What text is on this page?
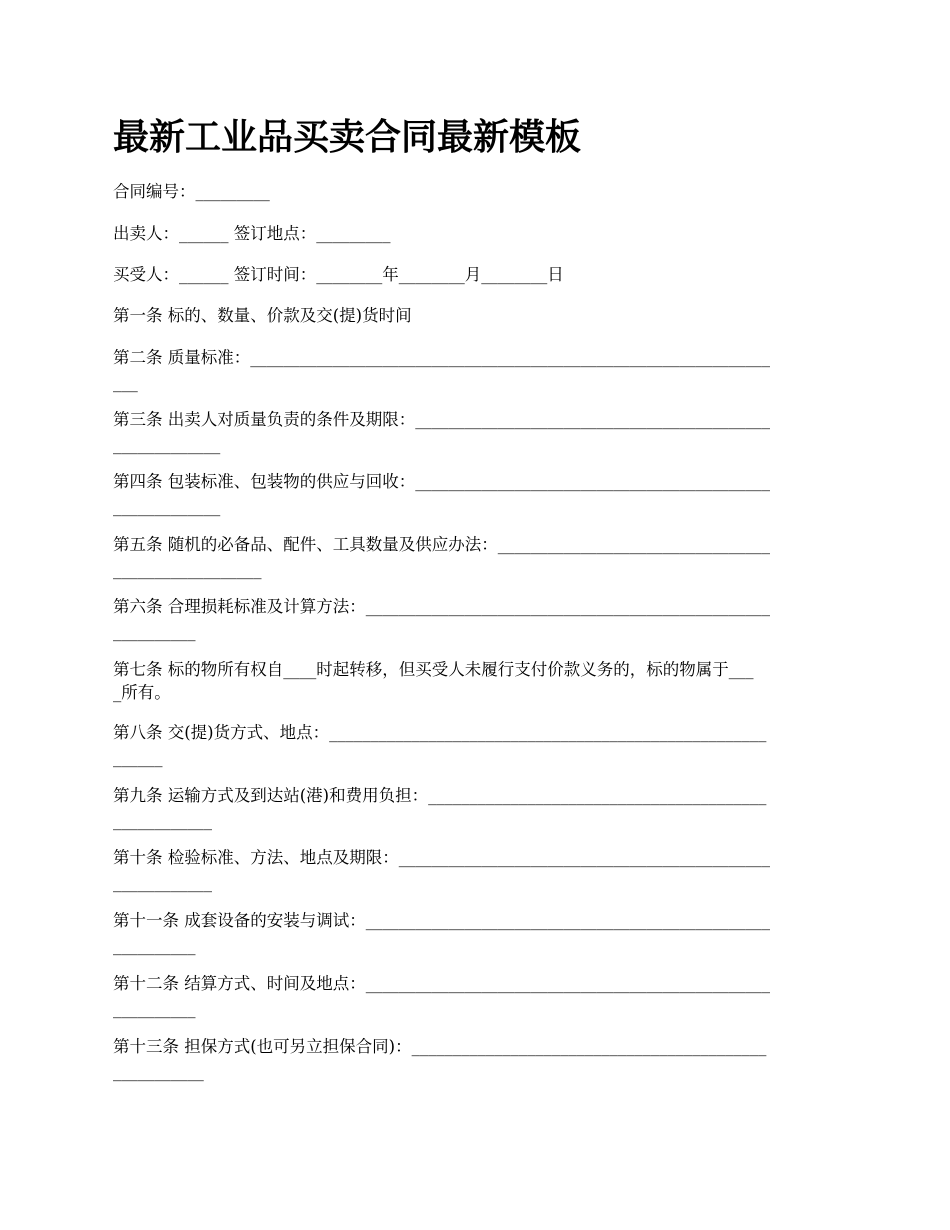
最新工业品买卖合同最新模板
合同编号：_________
出卖人：______ 签订地点：_________
买受人：______ 签订时间：________年________月________日
第一条 标的、数量、价款及交(提)货时间
第二条 质量标准：_______________________________________________________________
___
第三条 出卖人对质量负责的条件及期限：___________________________________________
_____________
第四条 包装标准、包装物的供应与回收：___________________________________________
_____________
第五条 随机的必备品、配件、工具数量及供应办法：_________________________________
__________________
第六条 合理损耗标准及计算方法：_________________________________________________
__________
第七条 标的物所有权自____时起转移，但买受人未履行支付价款义务的，标的物属于___
_所有。
第八条 交(提)货方式、地点：_____________________________________________________
______
第九条 运输方式及到达站(港)和费用负担：_________________________________________
____________
第十条 检验标准、方法、地点及期限：_____________________________________________
____________
第十一条 成套设备的安装与调试：_________________________________________________
__________
第十二条 结算方式、时间及地点：_________________________________________________
__________
第十三条 担保方式(也可另立担保合同)：___________________________________________
___________
